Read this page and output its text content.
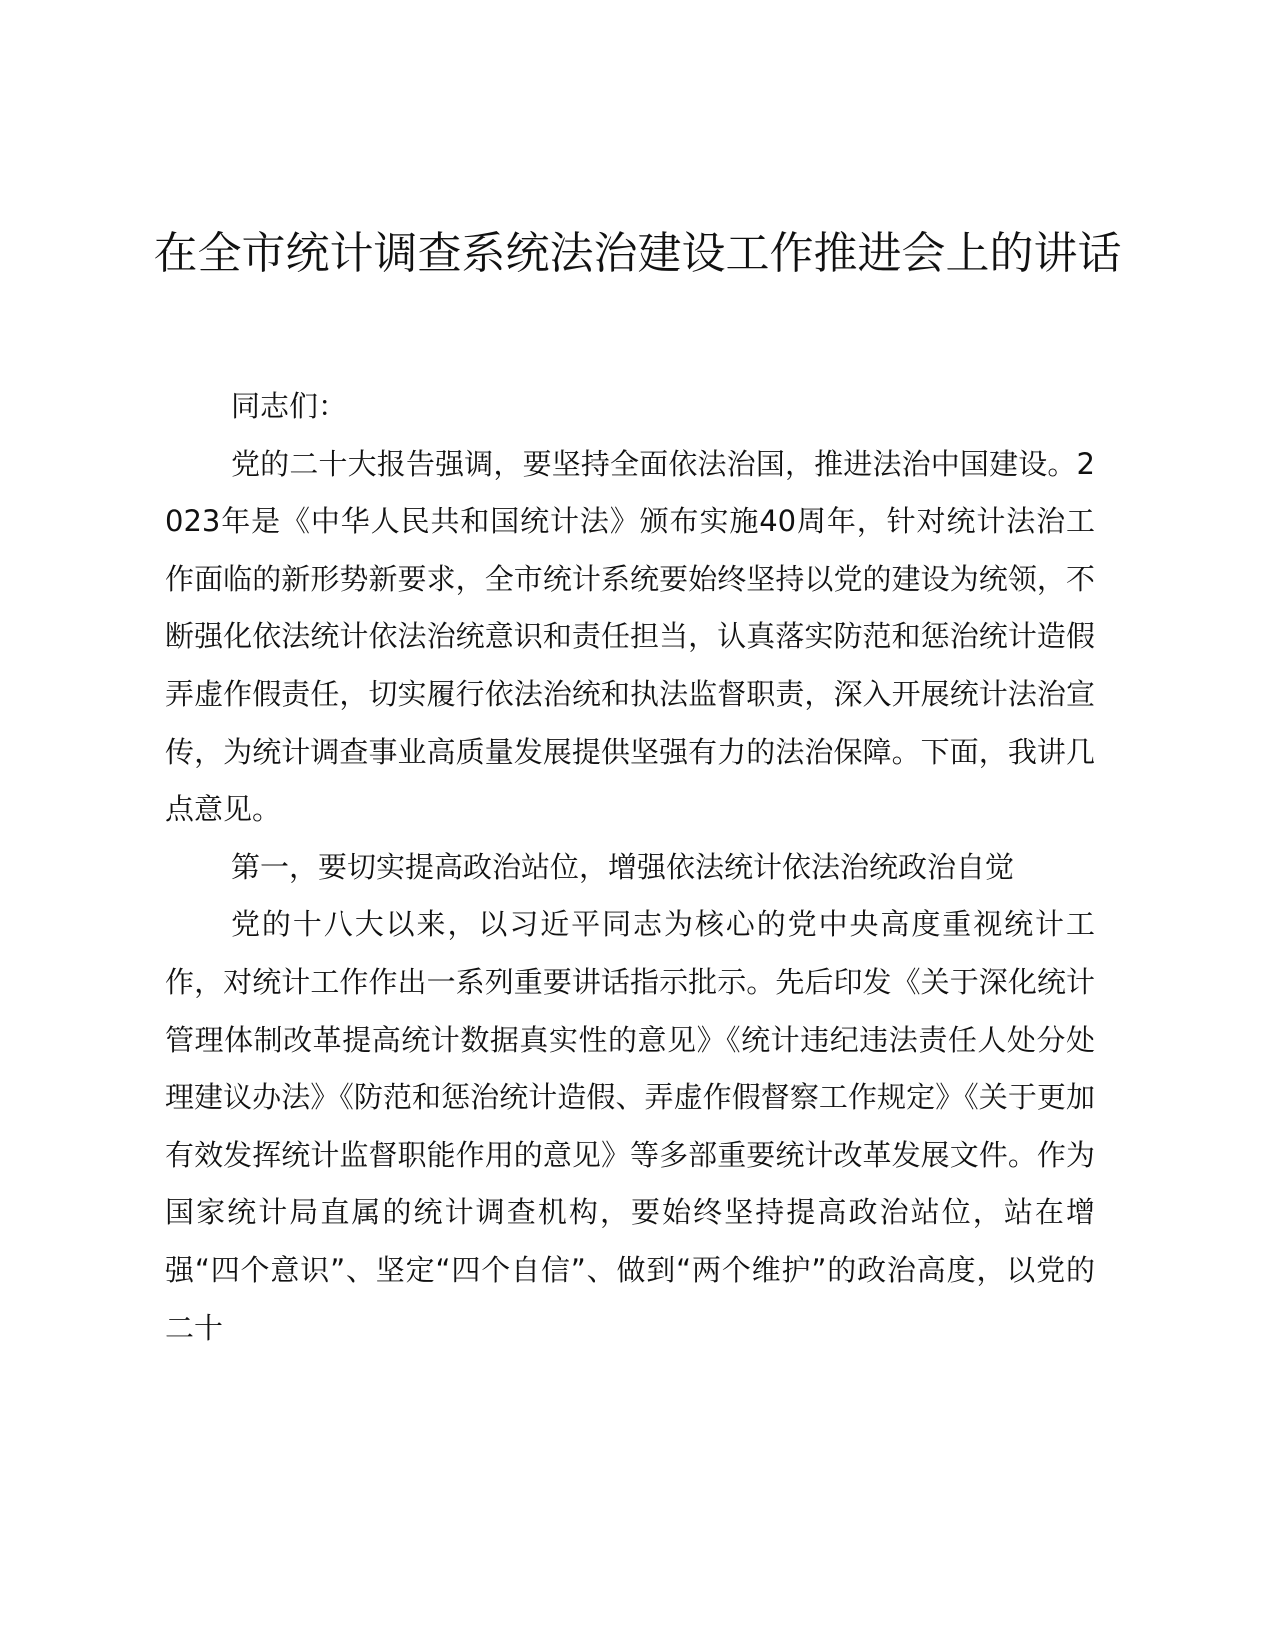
在全市统计调查系统法治建设工作推进会上的讲话

同志们：

党的二十大报告强调，要坚持全面依法治国，推进法治中国建设。2023年是《中华人民共和国统计法》颁布实施40周年，针对统计法治工作面临的新形势新要求，全市统计系统要始终坚持以党的建设为统领，不断强化依法统计依法治统意识和责任担当，认真落实防范和惩治统计造假弄虚作假责任，切实履行依法治统和执法监督职责，深入开展统计法治宣传，为统计调查事业高质量发展提供坚强有力的法治保障。下面，我讲几点意见。

第一，要切实提高政治站位，增强依法统计依法治统政治自觉

党的十八大以来，以习近平同志为核心的党中央高度重视统计工作，对统计工作作出一系列重要讲话指示批示。先后印发《关于深化统计管理体制改革提高统计数据真实性的意见》《统计违纪违法责任人处分处理建议办法》《防范和惩治统计造假、弄虚作假督察工作规定》《关于更加有效发挥统计监督职能作用的意见》等多部重要统计改革发展文件。作为国家统计局直属的统计调查机构，要始终坚持提高政治站位，站在增强“四个意识”、坚定“四个自信”、做到“两个维护”的政治高度，以党的二十
